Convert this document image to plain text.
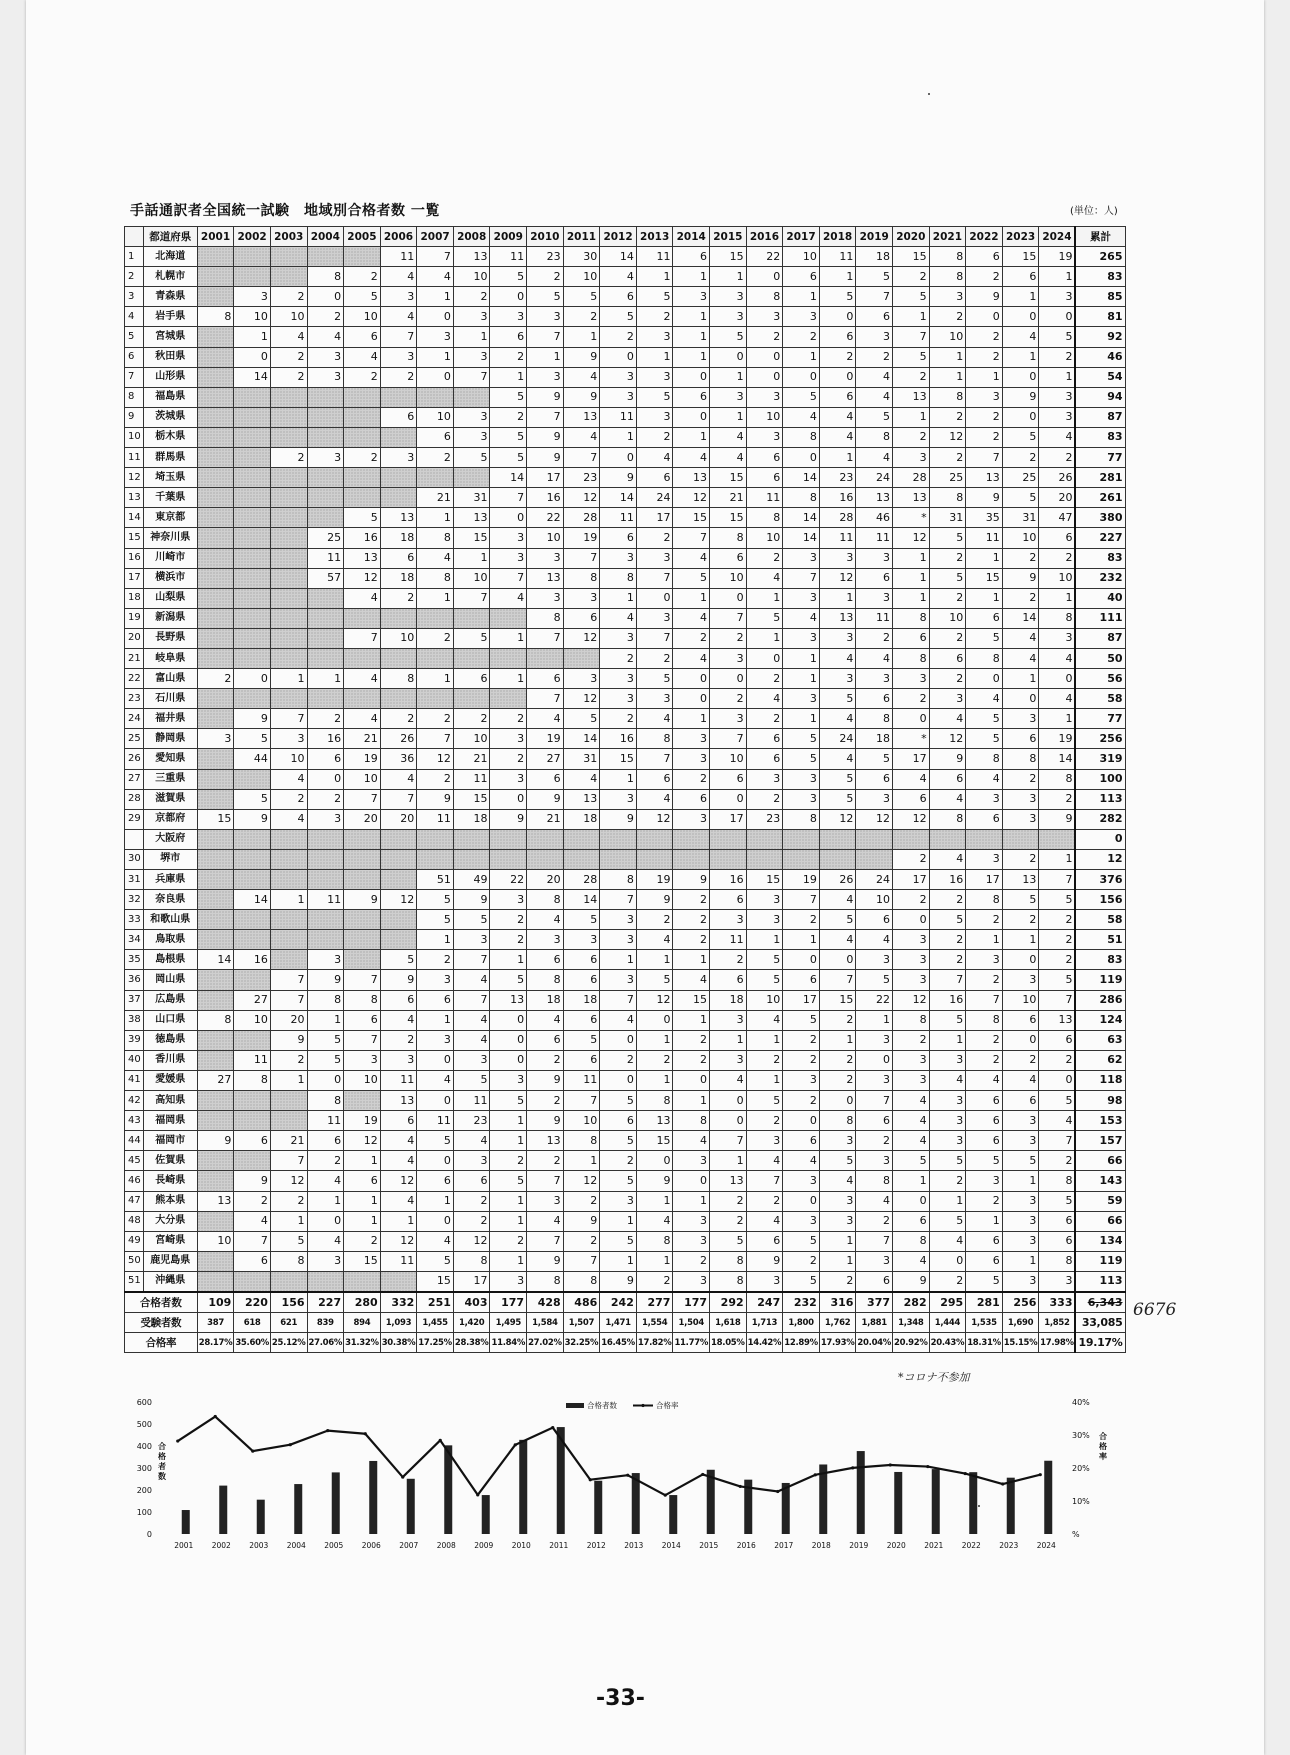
手話通訳者全国統一試験　地域別合格者数 一覧	(単位：人)
	都道府県	2001	2002	2003	2004	2005	2006	2007	2008	2009	2010	2011	2012	2013	2014	2015	2016	2017	2018	2019	2020	2021	2022	2023	2024	累計
1	北海道						11	7	13	11	23	30	14	11	6	15	22	10	11	18	15	8	6	15	19	265
2	札幌市				8	2	4	4	10	5	2	10	4	1	1	1	0	6	1	5	2	8	2	6	1	83
3	青森県		3	2	0	5	3	1	2	0	5	5	6	5	3	3	8	1	5	7	5	3	9	1	3	85
4	岩手県	8	10	10	2	10	4	0	3	3	3	2	5	2	1	3	3	3	0	6	1	2	0	0	0	81
5	宮城県		1	4	4	6	7	3	1	6	7	1	2	3	1	5	2	2	6	3	7	10	2	4	5	92
6	秋田県		0	2	3	4	3	1	3	2	1	9	0	1	1	0	0	1	2	2	5	1	2	1	2	46
7	山形県		14	2	3	2	2	0	7	1	3	4	3	3	0	1	0	0	0	4	2	1	1	0	1	54
8	福島県									5	9	9	3	5	6	3	3	5	6	4	13	8	3	9	3	94
9	茨城県						6	10	3	2	7	13	11	3	0	1	10	4	4	5	1	2	2	0	3	87
10	栃木県							6	3	5	9	4	1	2	1	4	3	8	4	8	2	12	2	5	4	83
11	群馬県			2	3	2	3	2	5	5	9	7	0	4	4	4	6	0	1	4	3	2	7	2	2	77
12	埼玉県									14	17	23	9	6	13	15	6	14	23	24	28	25	13	25	26	281
13	千葉県							21	31	7	16	12	14	24	12	21	11	8	16	13	13	8	9	5	20	261
14	東京都					5	13	1	13	0	22	28	11	17	15	15	8	14	28	46	*	31	35	31	47	380
15	神奈川県				25	16	18	8	15	3	10	19	6	2	7	8	10	14	11	11	12	5	11	10	6	227
16	川崎市				11	13	6	4	1	3	3	7	3	3	4	6	2	3	3	3	1	2	1	2	2	83
17	横浜市				57	12	18	8	10	7	13	8	8	7	5	10	4	7	12	6	1	5	15	9	10	232
18	山梨県					4	2	1	7	4	3	3	1	0	1	0	1	3	1	3	1	2	1	2	1	40
19	新潟県										8	6	4	3	4	7	5	4	13	11	8	10	6	14	8	111
20	長野県					7	10	2	5	1	7	12	3	7	2	2	1	3	3	2	6	2	5	4	3	87
21	岐阜県												2	2	4	3	0	1	4	4	8	6	8	4	4	50
22	富山県	2	0	1	1	4	8	1	6	1	6	3	3	5	0	0	2	1	3	3	3	2	0	1	0	56
23	石川県										7	12	3	3	0	2	4	3	5	6	2	3	4	0	4	58
24	福井県		9	7	2	4	2	2	2	2	4	5	2	4	1	3	2	1	4	8	0	4	5	3	1	77
25	静岡県	3	5	3	16	21	26	7	10	3	19	14	16	8	3	7	6	5	24	18	*	12	5	6	19	256
26	愛知県		44	10	6	19	36	12	21	2	27	31	15	7	3	10	6	5	4	5	17	9	8	8	14	319
27	三重県			4	0	10	4	2	11	3	6	4	1	6	2	6	3	3	5	6	4	6	4	2	8	100
28	滋賀県		5	2	2	7	7	9	15	0	9	13	3	4	6	0	2	3	5	3	6	4	3	3	2	113
29	京都府	15	9	4	3	20	20	11	18	9	21	18	9	12	3	17	23	8	12	12	12	8	6	3	9	282
	大阪府																									0
30	堺市																				2	4	3	2	1	12
31	兵庫県							51	49	22	20	28	8	19	9	16	15	19	26	24	17	16	17	13	7	376
32	奈良県		14	1	11	9	12	5	9	3	8	14	7	9	2	6	3	7	4	10	2	2	8	5	5	156
33	和歌山県							5	5	2	4	5	3	2	2	3	3	2	5	6	0	5	2	2	2	58
34	鳥取県							1	3	2	3	3	3	4	2	11	1	1	4	4	3	2	1	1	2	51
35	島根県	14	16		3		5	2	7	1	6	6	1	1	1	2	5	0	0	3	3	2	3	0	2	83
36	岡山県			7	9	7	9	3	4	5	8	6	3	5	4	6	5	6	7	5	3	7	2	3	5	119
37	広島県		27	7	8	8	6	6	7	13	18	18	7	12	15	18	10	17	15	22	12	16	7	10	7	286
38	山口県	8	10	20	1	6	4	1	4	0	4	6	4	0	1	3	4	5	2	1	8	5	8	6	13	124
39	徳島県			9	5	7	2	3	4	0	6	5	0	1	2	1	1	2	1	3	2	1	2	0	6	63
40	香川県		11	2	5	3	3	0	3	0	2	6	2	2	2	3	2	2	2	0	3	3	2	2	2	62
41	愛媛県	27	8	1	0	10	11	4	5	3	9	11	0	1	0	4	1	3	2	3	3	4	4	4	0	118
42	高知県				8		13	0	11	5	2	7	5	8	1	0	5	2	0	7	4	3	6	6	5	98
43	福岡県				11	19	6	11	23	1	9	10	6	13	8	0	2	0	8	6	4	3	6	3	4	153
44	福岡市	9	6	21	6	12	4	5	4	1	13	8	5	15	4	7	3	6	3	2	4	3	6	3	7	157
45	佐賀県			7	2	1	4	0	3	2	2	1	2	0	3	1	4	4	5	3	5	5	5	5	2	66
46	長崎県		9	12	4	6	12	6	6	5	7	12	5	9	0	13	7	3	4	8	1	2	3	1	8	143
47	熊本県	13	2	2	1	1	4	1	2	1	3	2	3	1	1	2	2	0	3	4	0	1	2	3	5	59
48	大分県		4	1	0	1	1	0	2	1	4	9	1	4	3	2	4	3	3	2	6	5	1	3	6	66
49	宮崎県	10	7	5	4	2	12	4	12	2	7	2	5	8	3	5	6	5	1	7	8	4	6	3	6	134
50	鹿児島県		6	8	3	15	11	5	8	1	9	7	1	1	2	8	9	2	1	3	4	0	6	1	8	119
51	沖縄県							15	17	3	8	8	9	2	3	8	3	5	2	6	9	2	5	3	3	113
合格者数		109	220	156	227	280	332	251	403	177	428	486	242	277	177	292	247	232	316	377	282	295	281	256	333	6,343
受験者数		387	618	621	839	894	1,093	1,455	1,420	1,495	1,584	1,507	1,471	1,554	1,504	1,618	1,713	1,800	1,762	1,881	1,348	1,444	1,535	1,690	1,852	33,085
合格率		28.17%	35.60%	25.12%	27.06%	31.32%	30.38%	17.25%	28.38%	11.84%	27.02%	32.25%	16.45%	17.82%	11.77%	18.05%	14.42%	12.89%	17.93%	20.04%	20.92%	20.43%	18.31%	15.15%	17.98%	19.17%
6676
*コロナ不参加
0
100
200
300
400
500
600
%
10%
20%
30%
40%
合格者数
合格率
2001 2002 2003 2004 2005 2006 2007 2008 2009 2010 2011 2012 2013 2014 2015 2016 2017 2018 2019 2020 2021 2022 2023 2024
合格者数	合格率
-33-
